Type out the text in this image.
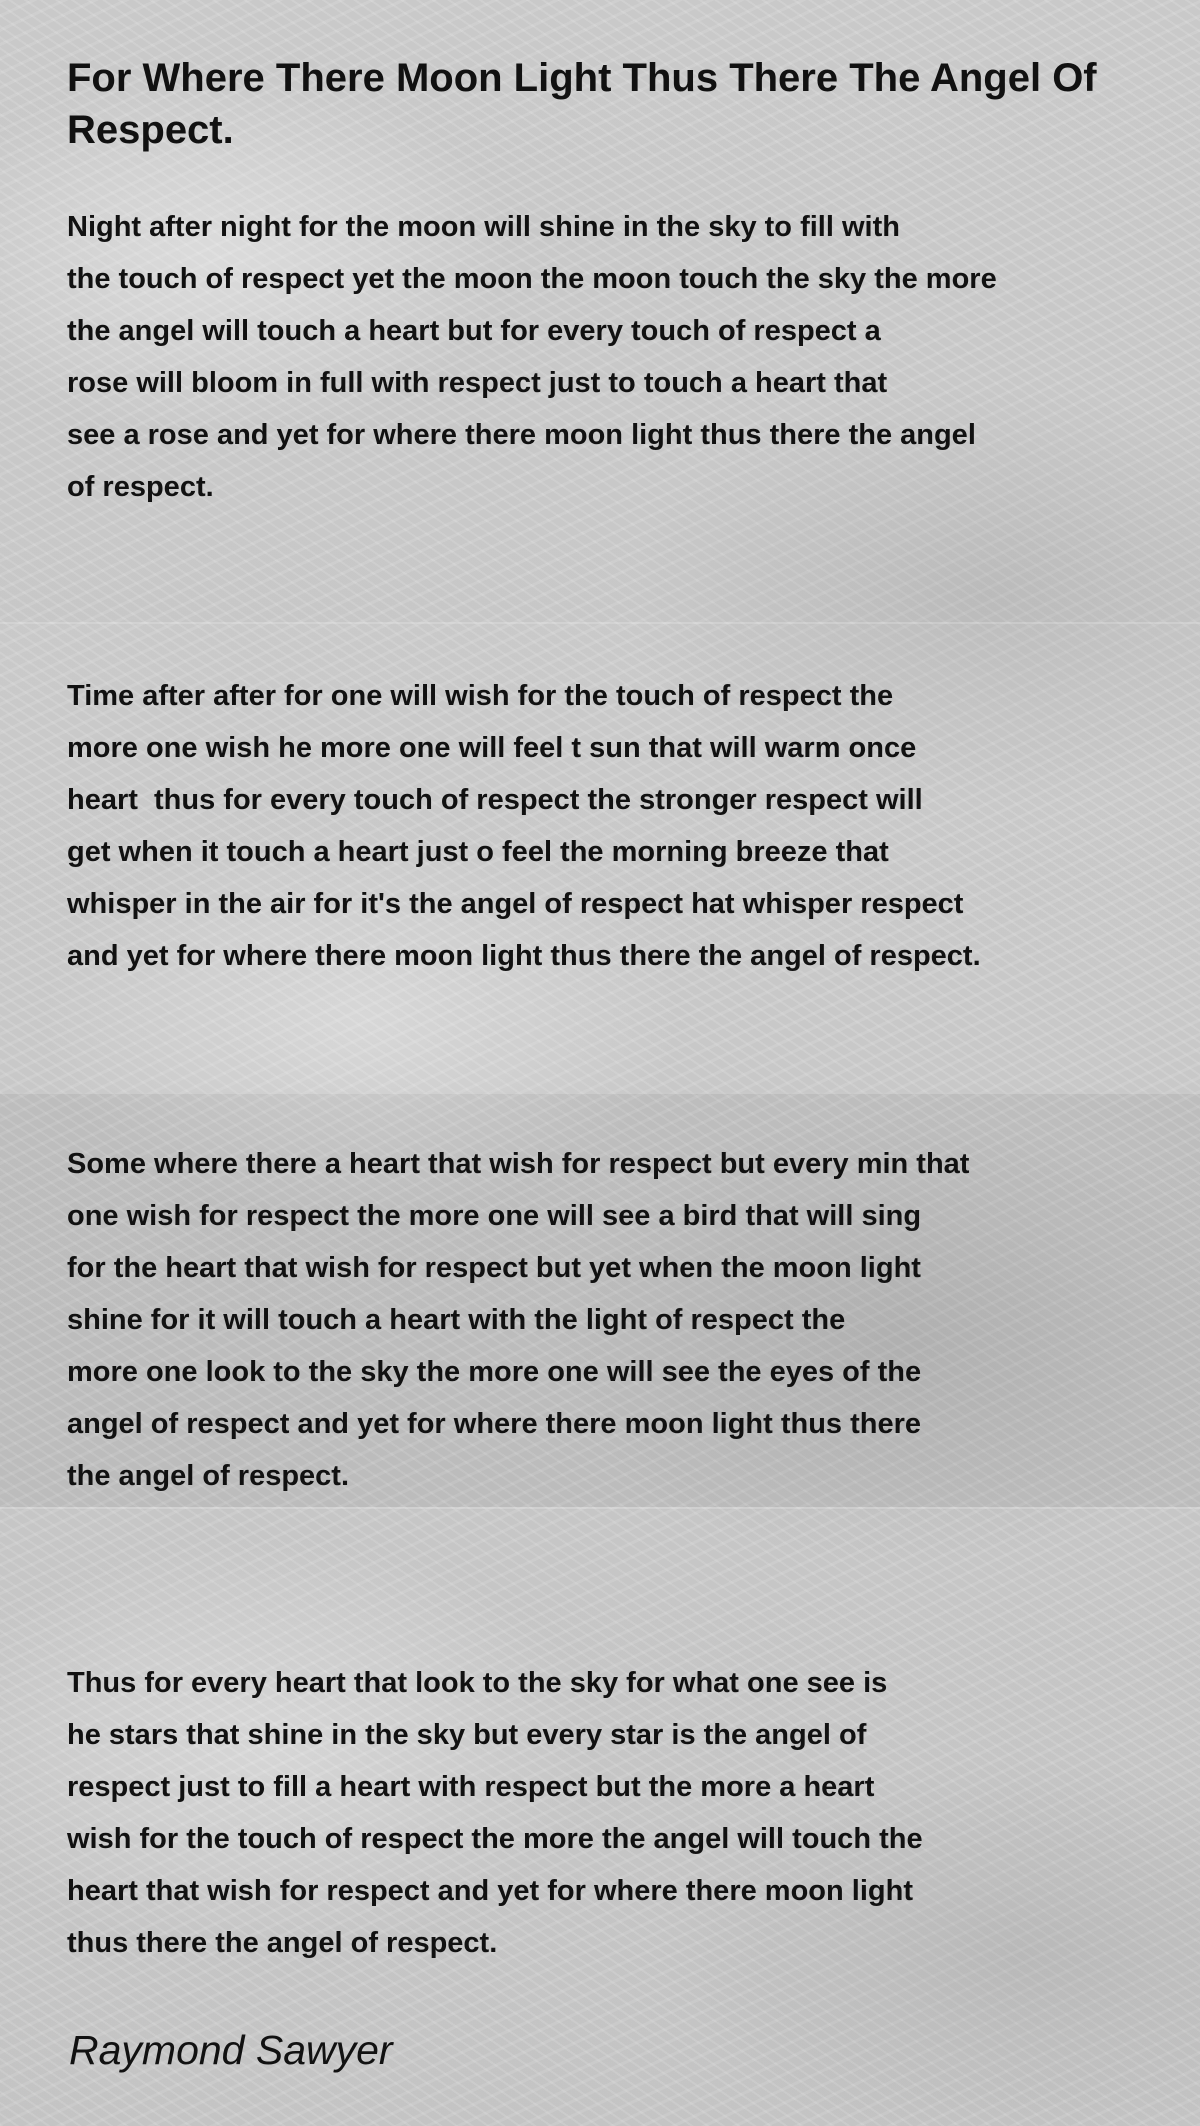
For Where There Moon Light Thus There The Angel Of Respect.
Night after night for the moon will shine in the sky to fill with
the touch of respect yet the moon the moon touch the sky the more
the angel will touch a heart but for every touch of respect a
rose will bloom in full with respect just to touch a heart that
see a rose and yet for where there moon light thus there the angel
of respect.
Time after after for one will wish for the touch of respect the
more one wish he more one will feel t sun that will warm once
heart  thus for every touch of respect the stronger respect will
get when it touch a heart just o feel the morning breeze that
whisper in the air for it's the angel of respect hat whisper respect
and yet for where there moon light thus there the angel of respect.
Some where there a heart that wish for respect but every min that
one wish for respect the more one will see a bird that will sing
for the heart that wish for respect but yet when the moon light
shine for it will touch a heart with the light of respect the
more one look to the sky the more one will see the eyes of the
angel of respect and yet for where there moon light thus there
the angel of respect.
Thus for every heart that look to the sky for what one see is
he stars that shine in the sky but every star is the angel of
respect just to fill a heart with respect but the more a heart
wish for the touch of respect the more the angel will touch the
heart that wish for respect and yet for where there moon light
thus there the angel of respect.

Raymond Sawyer
